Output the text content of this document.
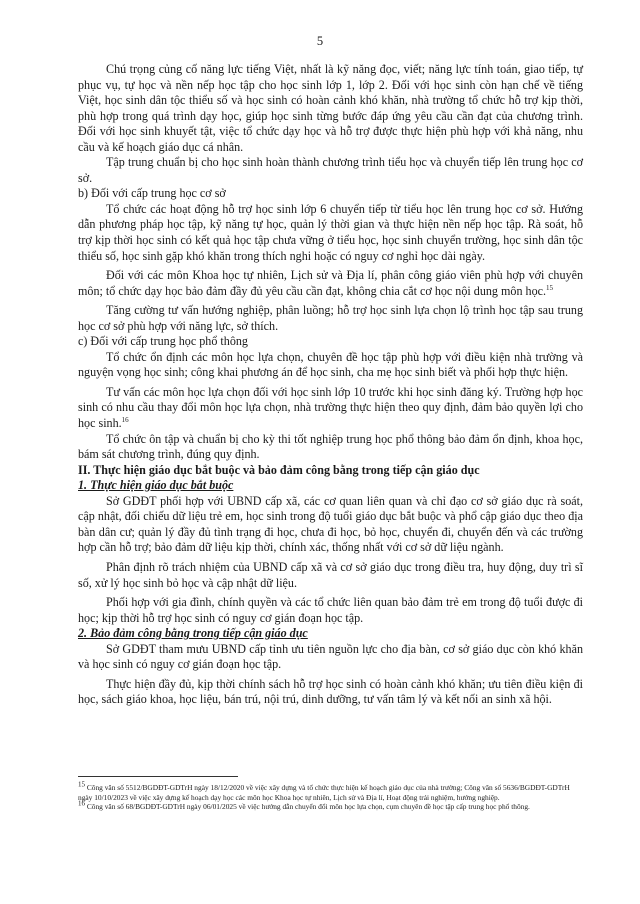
5

Chú trọng củng cố năng lực tiếng Việt, nhất là kỹ năng đọc, viết; năng lực tính toán, giao tiếp, tự phục vụ, tự học và nền nếp học tập cho học sinh lớp 1, lớp 2. Đối với học sinh còn hạn chế về tiếng Việt, học sinh dân tộc thiểu số và học sinh có hoàn cảnh khó khăn, nhà trường tổ chức hỗ trợ kịp thời, phù hợp trong quá trình dạy học, giúp học sinh từng bước đáp ứng yêu cầu cần đạt của chương trình. Đối với học sinh khuyết tật, việc tổ chức dạy học và hỗ trợ được thực hiện phù hợp với khả năng, nhu cầu và kế hoạch giáo dục cá nhân.

Tập trung chuẩn bị cho học sinh hoàn thành chương trình tiểu học và chuyển tiếp lên trung học cơ sở.

b) Đối với cấp trung học cơ sở

Tổ chức các hoạt động hỗ trợ học sinh lớp 6 chuyển tiếp từ tiểu học lên trung học cơ sở. Hướng dẫn phương pháp học tập, kỹ năng tự học, quản lý thời gian và thực hiện nền nếp học tập. Rà soát, hỗ trợ kịp thời học sinh có kết quả học tập chưa vững ở tiểu học, học sinh chuyển trường, học sinh dân tộc thiểu số, học sinh gặp khó khăn trong thích nghi hoặc có nguy cơ nghỉ học dài ngày.

Đối với các môn Khoa học tự nhiên, Lịch sử và Địa lí, phân công giáo viên phù hợp với chuyên môn; tổ chức dạy học bảo đảm đầy đủ yêu cầu cần đạt, không chia cắt cơ học nội dung môn học.$^{15}$

Tăng cường tư vấn hướng nghiệp, phân luồng; hỗ trợ học sinh lựa chọn lộ trình học tập sau trung học cơ sở phù hợp với năng lực, sở thích.

c) Đối với cấp trung học phổ thông

Tổ chức ổn định các môn học lựa chọn, chuyên đề học tập phù hợp với điều kiện nhà trường và nguyện vọng học sinh; công khai phương án để học sinh, cha mẹ học sinh biết và phối hợp thực hiện.

Tư vấn các môn học lựa chọn đối với học sinh lớp 10 trước khi học sinh đăng ký. Trường hợp học sinh có nhu cầu thay đổi môn học lựa chọn, nhà trường thực hiện theo quy định, đảm bảo quyền lợi cho học sinh.$^{16}$

Tổ chức ôn tập và chuẩn bị cho kỳ thi tốt nghiệp trung học phổ thông bảo đảm ổn định, khoa học, bám sát chương trình, đúng quy định.

II. Thực hiện giáo dục bắt buộc và bảo đảm công bằng trong tiếp cận giáo dục

1. Thực hiện giáo dục bắt buộc

Sở GDĐT phối hợp với UBND cấp xã, các cơ quan liên quan và chỉ đạo cơ sở giáo dục rà soát, cập nhật, đối chiếu dữ liệu trẻ em, học sinh trong độ tuổi giáo dục bắt buộc và phổ cập giáo dục theo địa bàn dân cư; quản lý đầy đủ tình trạng đi học, chưa đi học, bỏ học, chuyển đi, chuyển đến và các trường hợp cần hỗ trợ; bảo đảm dữ liệu kịp thời, chính xác, thống nhất với cơ sở dữ liệu ngành.

Phân định rõ trách nhiệm của UBND cấp xã và cơ sở giáo dục trong điều tra, huy động, duy trì sĩ số, xử lý học sinh bỏ học và cập nhật dữ liệu.

Phối hợp với gia đình, chính quyền và các tổ chức liên quan bảo đảm trẻ em trong độ tuổi được đi học; kịp thời hỗ trợ học sinh có nguy cơ gián đoạn học tập.

2. Bảo đảm công bằng trong tiếp cận giáo dục

Sở GDĐT tham mưu UBND cấp tỉnh ưu tiên nguồn lực cho địa bàn, cơ sở giáo dục còn khó khăn và học sinh có nguy cơ gián đoạn học tập.

Thực hiện đầy đủ, kịp thời chính sách hỗ trợ học sinh có hoàn cảnh khó khăn; ưu tiên điều kiện đi học, sách giáo khoa, học liệu, bán trú, nội trú, dinh dưỡng, tư vấn tâm lý và kết nối an sinh xã hội.

$^{15}$ Công văn số 5512/BGDĐT-GDTrH ngày 18/12/2020 về việc xây dựng và tổ chức thực hiện kế hoạch giáo dục của nhà trường; Công văn số 5636/BGDĐT-GDTrH ngày 10/10/2023 về việc xây dựng kế hoạch dạy học các môn học Khoa học tự nhiên, Lịch sử và Địa lí, Hoạt động trải nghiệm, hướng nghiệp.

$^{16}$ Công văn số 68/BGDĐT-GDTrH ngày 06/01/2025 về việc hướng dẫn chuyển đổi môn học lựa chọn, cụm chuyên đề học tập cấp trung học phổ thông.
